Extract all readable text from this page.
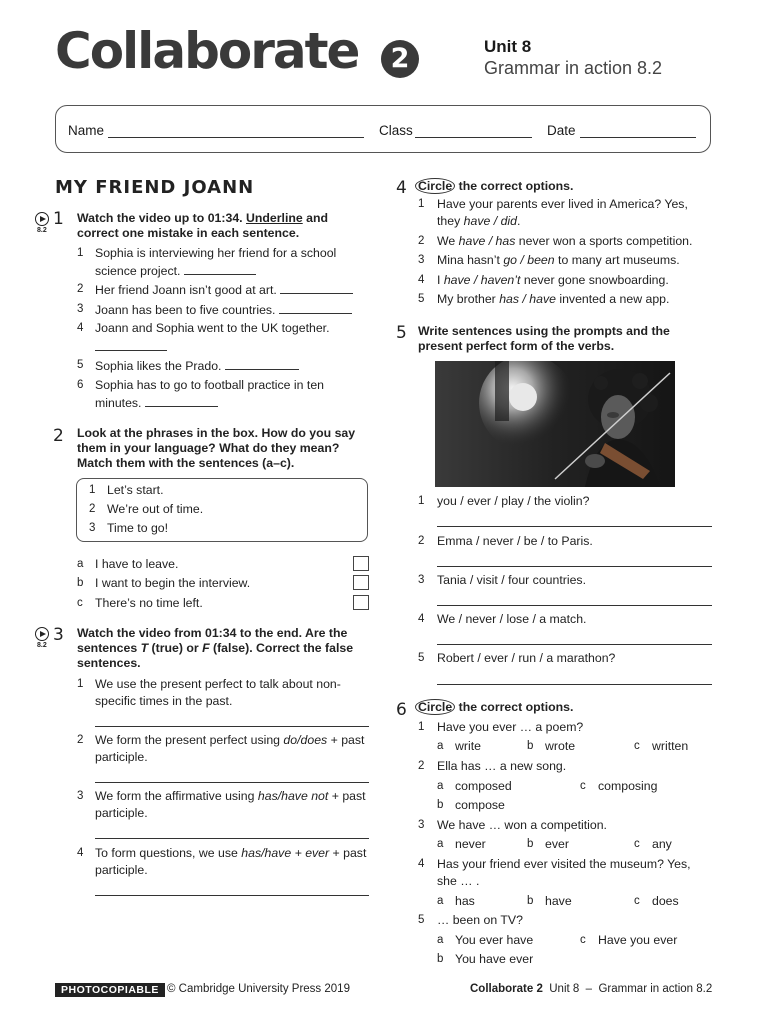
Collaborate	2	Unit 8
Grammar in action 8.2
Name	Class	Date
MY FRIEND JOANN
8.2
1 Watch the video up to 01:34. Underline and correct one mistake in each sentence.
1 Sophia is interviewing her friend for a school science project.
2 Her friend Joann isn’t good at art.
3 Joann has been to five countries.
4 Joann and Sophia went to the UK together.
5 Sophia likes the Prado.
6 Sophia has to go to football practice in ten minutes.
2 Look at the phrases in the box. How do you say them in your language? What do they mean? Match them with the sentences (a–c).
1 Let’s start.
2 We’re out of time.
3 Time to go!
a I have to leave.
b I want to begin the interview.
c There’s no time left.
8.2
3 Watch the video from 01:34 to the end. Are the sentences T (true) or F (false). Correct the false sentences.
1 We use the present perfect to talk about non-specific times in the past.
2 We form the present perfect using do/does + past participle.
3 We form the affirmative using has/have not + past participle.
4 To form questions, we use has/have + ever + past participle.
4 Circle the correct options.
1 Have your parents ever lived in America? Yes, they have / did.
2 We have / has never won a sports competition.
3 Mina hasn’t go / been to many art museums.
4 I have / haven’t never gone snowboarding.
5 My brother has / have invented a new app.
5 Write sentences using the prompts and the present perfect form of the verbs.
1 you / ever / play / the violin?
2 Emma / never / be / to Paris.
3 Tania / visit / four countries.
4 We / never / lose / a match.
5 Robert / ever / run / a marathon?
6 Circle the correct options.
1 Have you ever … a poem?
a write	b wrote	c written
2 Ella has … a new song.
a composed	c composing
b compose
3 We have … won a competition.
a never	b ever	c any
4 Has your friend ever visited the museum? Yes, she … .
a has	b have	c does
5 … been on TV?
a You ever have	c Have you ever
b You have ever
PHOTOCOPIABLE © Cambridge University Press 2019	Collaborate 2  Unit 8  –  Grammar in action 8.2
